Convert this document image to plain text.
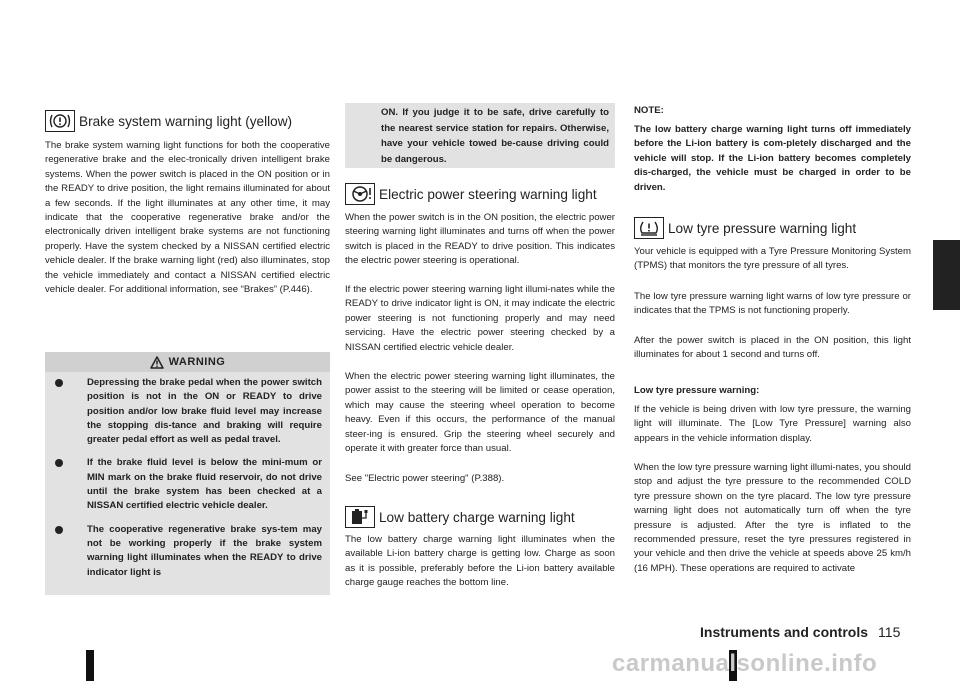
Brake system warning light (yellow)

The brake system warning light functions for both the cooperative regenerative brake and the elec-tronically driven intelligent brake systems. When the power switch is placed in the ON position or in the READY to drive position, the light remains illuminated for about a few seconds. If the light illuminates at any other time, it may indicate that the cooperative regenerative brake and/or the electronically driven intelligent brake systems are not functioning properly. Have the system checked by a NISSAN certified electric vehicle dealer. If the brake warning light (red) also illuminates, stop the vehicle immediately and contact a NISSAN certified electric vehicle dealer. For additional information, see “Brakes” (P.446).

WARNING
Depressing the brake pedal when the power switch position is not in the ON or READY to drive position and/or low brake fluid level may increase the stopping dis-tance and braking will require greater pedal effort as well as pedal travel.
If the brake fluid level is below the mini-mum or MIN mark on the brake fluid reservoir, do not drive until the brake system has been checked at a NISSAN certified electric vehicle dealer.
The cooperative regenerative brake sys-tem may not be working properly if the brake system warning light illuminates when the READY to drive indicator light is
ON. If you judge it to be safe, drive carefully to the nearest service station for repairs. Otherwise, have your vehicle towed be-cause driving could be dangerous.
Electric power steering warning light

When the power switch is in the ON position, the electric power steering warning light illuminates and turns off when the power switch is placed in the READY to drive position. This indicates the electric power steering is operational.

If the electric power steering warning light illumi-nates while the READY to drive indicator light is ON, it may indicate the electric power steering is not functioning properly and may need servicing. Have the electric power steering checked by a NISSAN certified electric vehicle dealer.

When the electric power steering warning light illuminates, the power assist to the steering will be limited or cease operation, which may cause the steering wheel operation to become heavy. Even if this occurs, the performance of the manual steer-ing is ensured. Grip the steering wheel securely and operate it with greater force than usual.

See "Electric power steering" (P.388).

Low battery charge warning light

The low battery charge warning light illuminates when the available Li-ion battery charge is getting low. Charge as soon as it is possible, preferably before the Li-ion battery available charge gauge reaches the bottom line.

NOTE:

The low battery charge warning light turns off immediately before the Li-ion battery is com-pletely discharged and the vehicle will stop. If the Li-ion battery becomes completely dis-charged, the vehicle must be charged in order to be driven.

Low tyre pressure warning light

Your vehicle is equipped with a Tyre Pressure Monitoring System (TPMS) that monitors the tyre pressure of all tyres.

The low tyre pressure warning light warns of low tyre pressure or indicates that the TPMS is not functioning properly.

After the power switch is placed in the ON position, this light illuminates for about 1 second and turns off.

Low tyre pressure warning:

If the vehicle is being driven with low tyre pressure, the warning light will illuminate. The [Low Tyre Pressure] warning also appears in the vehicle information display.

When the low tyre pressure warning light illumi-nates, you should stop and adjust the tyre pressure to the recommended COLD tyre pressure shown on the tyre placard. The low tyre pressure warning light does not automatically turn off when the tyre pressure is adjusted. After the tyre is inflated to the recommended pressure, reset the tyre pressures registered in your vehicle and then drive the vehicle at speeds above 25 km/h (16 MPH). These operations are required to activate

Instruments and controls 115
carmanualsonline.info
